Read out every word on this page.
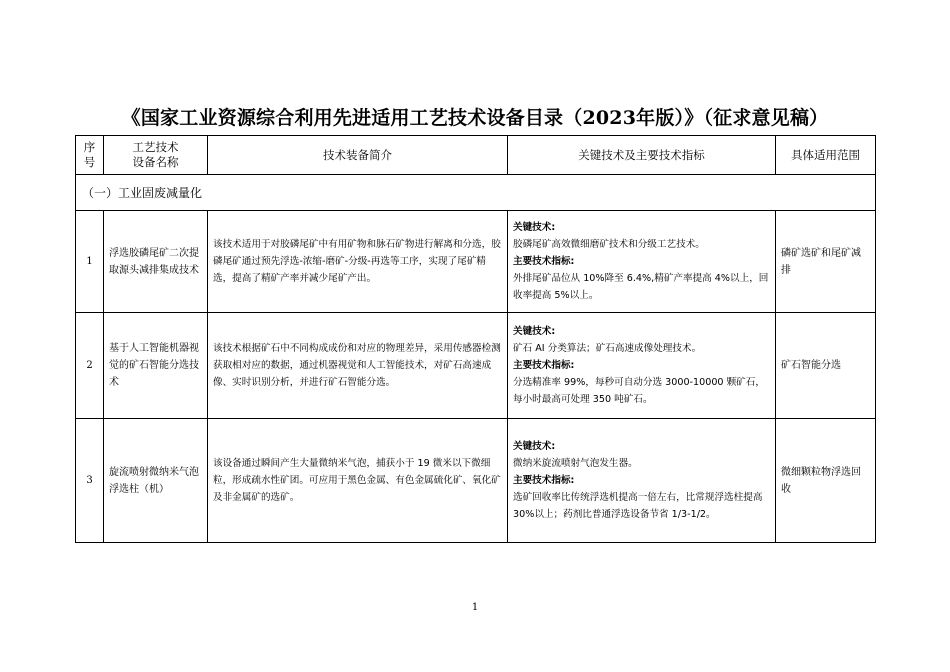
《国家工业资源综合利用先进适用工艺技术设备目录（2023年版）》（征求意见稿）
序
号	工艺技术
设备名称	技术装备简介	关键技术及主要技术指标	具体适用范围
（一）工业固废减量化				
1	浮选胶磷尾矿二次提取源头减排集成技术	该技术适用于对胶磷尾矿中有用矿物和脉石矿物进行解离和分选，胶磷尾矿通过预先浮选-浓缩-磨矿-分级-再选等工序，实现了尾矿精选，提高了精矿产率并减少尾矿产出。	关键技术:
胶磷尾矿高效微细磨矿技术和分级工艺技术。
主要技术指标:
外排尾矿品位从 10%降至 6.4%,精矿产率提高 4%以上，回收率提高 5%以上。	磷矿选矿和尾矿减排
2	基于人工智能机器视觉的矿石智能分选技术	该技术根据矿石中不同构成成份和对应的物理差异，采用传感器检测获取相对应的数据，通过机器视觉和人工智能技术，对矿石高速成像、实时识别分析，并进行矿石智能分选。	关键技术:
矿石 AI 分类算法；矿石高速成像处理技术。
主要技术指标:
分选精准率 99%，每秒可自动分选 3000-10000 颗矿石，每小时最高可处理 350 吨矿石。	矿石智能分选
3	旋流喷射微纳米气泡浮选柱（机）	该设备通过瞬间产生大量微纳米气泡，捕获小于 19 微米以下微细粒，形成疏水性矿团。可应用于黑色金属、有色金属硫化矿、氧化矿及非金属矿的选矿。	关键技术:
微纳米旋流喷射气泡发生器。
主要技术指标:
选矿回收率比传统浮选机提高一倍左右，比常规浮选柱提高 30%以上；药剂比普通浮选设备节省 1/3-1/2。	微细颗粒物浮选回收
1
